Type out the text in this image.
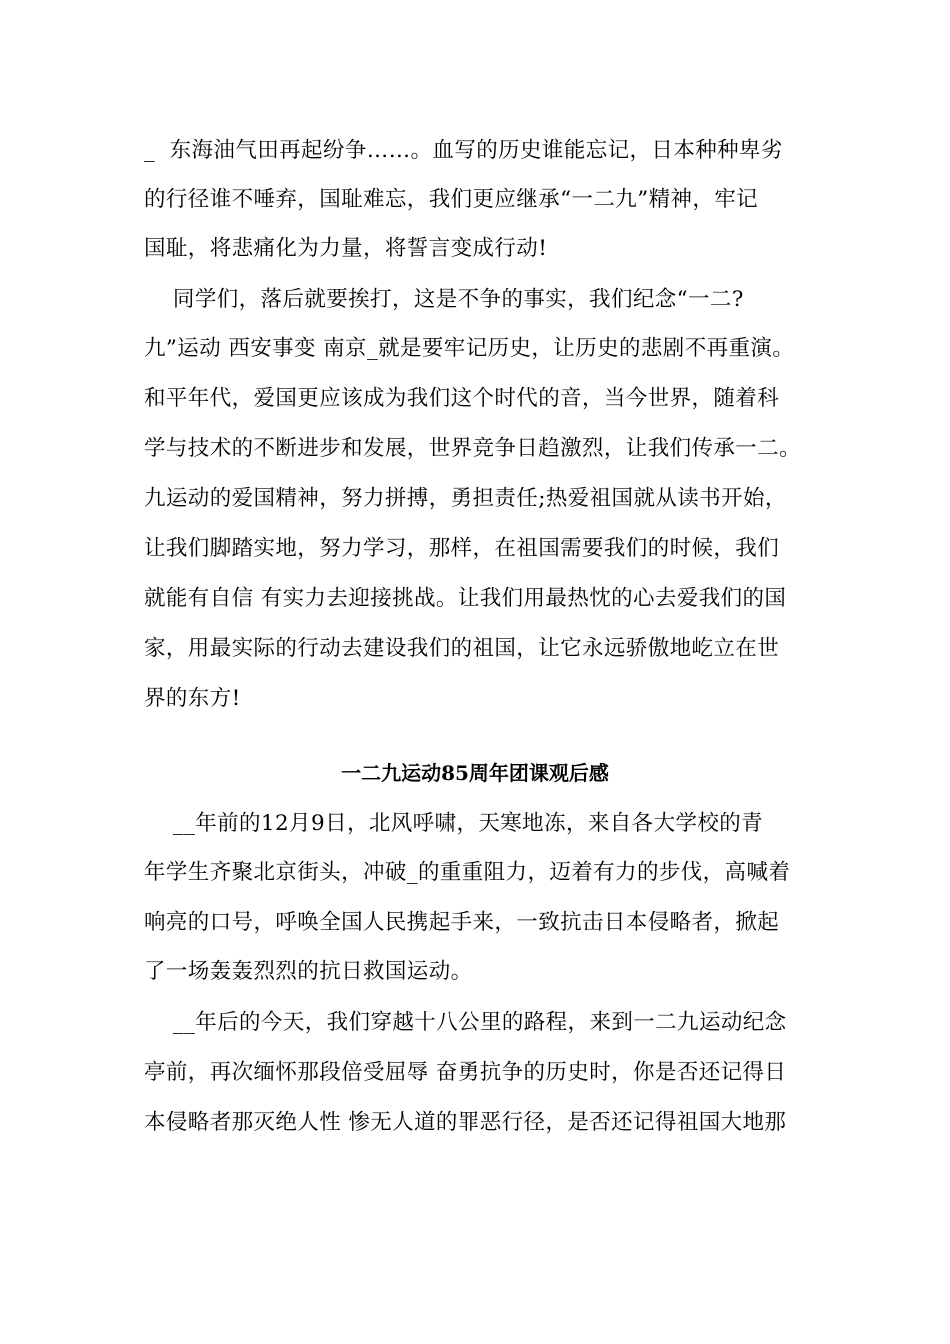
_  东海油气田再起纷争……。血写的历史谁能忘记，日本种种卑劣
的行径谁不唾弃，国耻难忘，我们更应继承“一二九”精神，牢记
国耻，将悲痛化为力量，将誓言变成行动!
同学们，落后就要挨打，这是不争的事实，我们纪念“一二?
九”运动 西安事变 南京_就是要牢记历史，让历史的悲剧不再重演。
和平年代，爱国更应该成为我们这个时代的音，当今世界，随着科
学与技术的不断进步和发展，世界竞争日趋激烈，让我们传承一二。
九运动的爱国精神，努力拼搏，勇担责任;热爱祖国就从读书开始，
让我们脚踏实地，努力学习，那样，在祖国需要我们的时候，我们
就能有自信 有实力去迎接挑战。让我们用最热忱的心去爱我们的国
家，用最实际的行动去建设我们的祖国，让它永远骄傲地屹立在世
界的东方!
一二九运动85周年团课观后感
__年前的12月9日，北风呼啸，天寒地冻，来自各大学校的青
年学生齐聚北京街头，冲破_的重重阻力，迈着有力的步伐，高喊着
响亮的口号，呼唤全国人民携起手来，一致抗击日本侵略者，掀起
了一场轰轰烈烈的抗日救国运动。
__年后的今天，我们穿越十八公里的路程，来到一二九运动纪念
亭前，再次缅怀那段倍受屈辱 奋勇抗争的历史时，你是否还记得日
本侵略者那灭绝人性 惨无人道的罪恶行径，是否还记得祖国大地那
